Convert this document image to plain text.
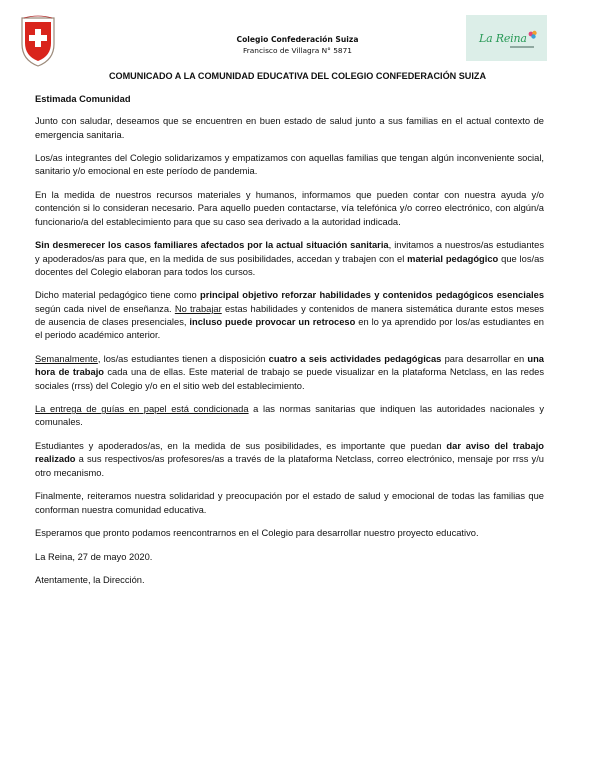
Colegio Confederación Suiza
Francisco de Villagra N° 5871
La Reina
COMUNICADO A LA COMUNIDAD EDUCATIVA DEL COLEGIO CONFEDERACIÓN SUIZA

Estimada Comunidad

Junto con saludar, deseamos que se encuentren en buen estado de salud junto a sus familias en el actual contexto de emergencia sanitaria.

Los/as integrantes del Colegio solidarizamos y empatizamos con aquellas familias que tengan algún inconveniente social, sanitario y/o emocional en este período de pandemia.

En la medida de nuestros recursos materiales y humanos, informamos que pueden contar con nuestra ayuda y/o contención si lo consideran necesario. Para aquello pueden contactarse, vía telefónica y/o correo electrónico, con algún/a funcionario/a del establecimiento para que su caso sea derivado a la autoridad indicada.

Sin desmerecer los casos familiares afectados por la actual situación sanitaria, invitamos a nuestros/as estudiantes y apoderados/as para que, en la medida de sus posibilidades, accedan y trabajen con el material pedagógico que los/as docentes del Colegio elaboran para todos los cursos.

Dicho material pedagógico tiene como principal objetivo reforzar habilidades y contenidos pedagógicos esenciales según cada nivel de enseñanza. No trabajar estas habilidades y contenidos de manera sistemática durante estos meses de ausencia de clases presenciales, incluso puede provocar un retroceso en lo ya aprendido por los/as estudiantes en el periodo académico anterior.

Semanalmente, los/as estudiantes tienen a disposición cuatro a seis actividades pedagógicas para desarrollar en una hora de trabajo cada una de ellas. Este material de trabajo se puede visualizar en la plataforma Netclass, en las redes sociales (rrss) del Colegio y/o en el sitio web del establecimiento.

La entrega de guías en papel está condicionada a las normas sanitarias que indiquen las autoridades nacionales y comunales.

Estudiantes y apoderados/as, en la medida de sus posibilidades, es importante que puedan dar aviso del trabajo realizado a sus respectivos/as profesores/as a través de la plataforma Netclass, correo electrónico, mensaje por rrss y/u otro mecanismo.

Finalmente, reiteramos nuestra solidaridad y preocupación por el estado de salud y emocional de todas las familias que conforman nuestra comunidad educativa.

Esperamos que pronto podamos reencontrarnos en el Colegio para desarrollar nuestro proyecto educativo.

La Reina, 27 de mayo 2020.

Atentamente, la Dirección.
